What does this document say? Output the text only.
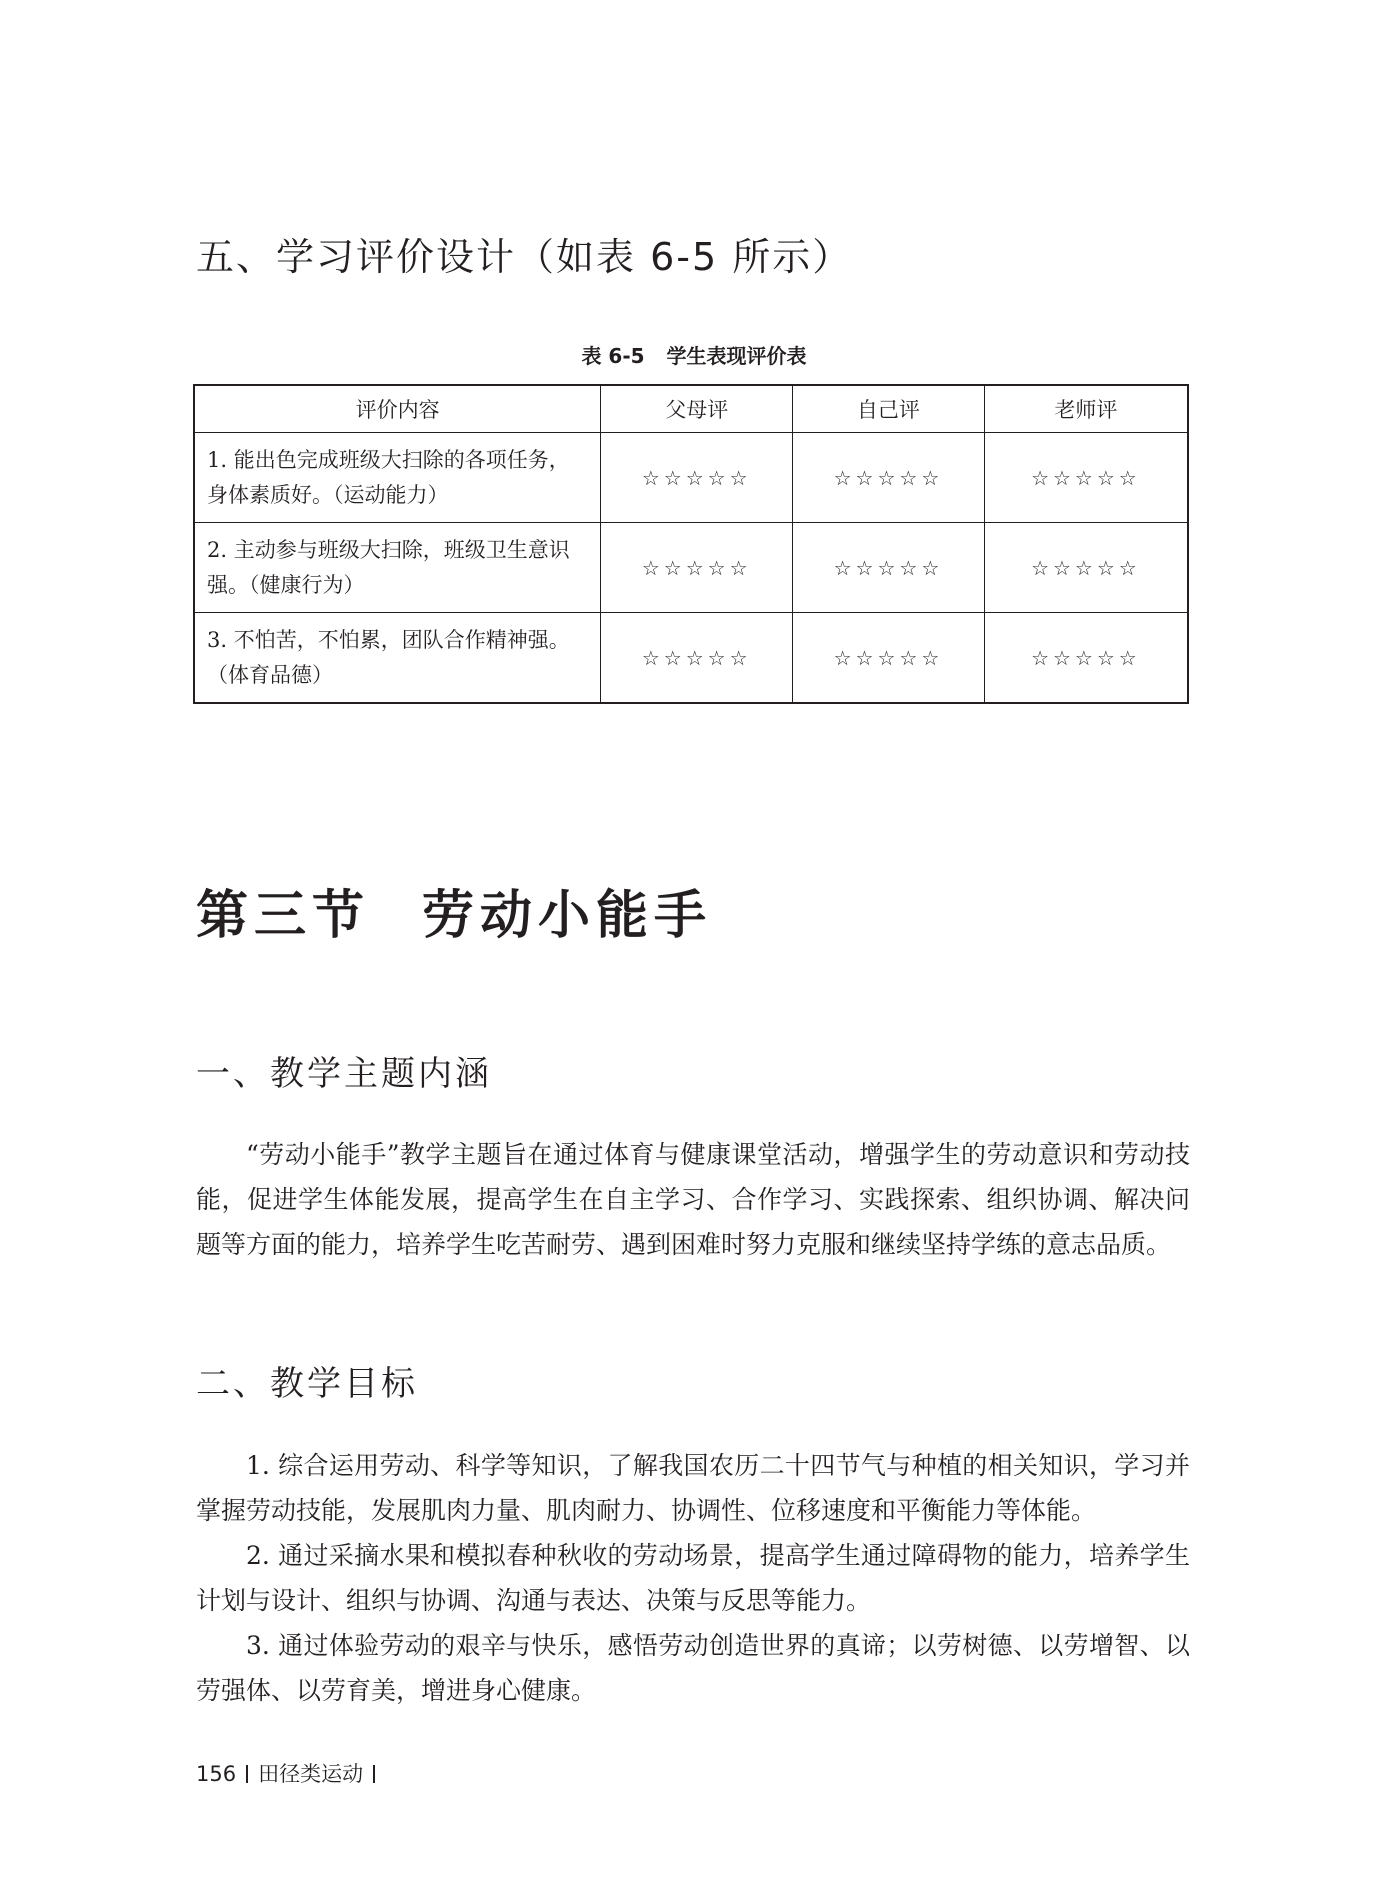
五、学习评价设计（如表 6-5 所示）
表 6-5 学生表现评价表
评价内容	父母评	自己评	老师评
1. 能出色完成班级大扫除的各项任务，身体素质好。（运动能力）	☆☆☆☆☆	☆☆☆☆☆	☆☆☆☆☆
2. 主动参与班级大扫除，班级卫生意识强。（健康行为）	☆☆☆☆☆	☆☆☆☆☆	☆☆☆☆☆
3. 不怕苦，不怕累，团队合作精神强。（体育品德）	☆☆☆☆☆	☆☆☆☆☆	☆☆☆☆☆
第三节 劳动小能手
一、教学主题内涵

“劳动小能手”教学主题旨在通过体育与健康课堂活动，增强学生的劳动意识和劳动技能，促进学生体能发展，提高学生在自主学习、合作学习、实践探索、组织协调、解决问题等方面的能力，培养学生吃苦耐劳、遇到困难时努力克服和继续坚持学练的意志品质。

二、教学目标
1. 综合运用劳动、科学等知识，了解我国农历二十四节气与种植的相关知识，学习并掌握劳动技能，发展肌肉力量、肌肉耐力、协调性、位移速度和平衡能力等体能。
2. 通过采摘水果和模拟春种秋收的劳动场景，提高学生通过障碍物的能力，培养学生计划与设计、组织与协调、沟通与表达、决策与反思等能力。
3. 通过体验劳动的艰辛与快乐，感悟劳动创造世界的真谛；以劳树德、以劳增智、以劳强体、以劳育美，增进身心健康。
156 田径类运动
